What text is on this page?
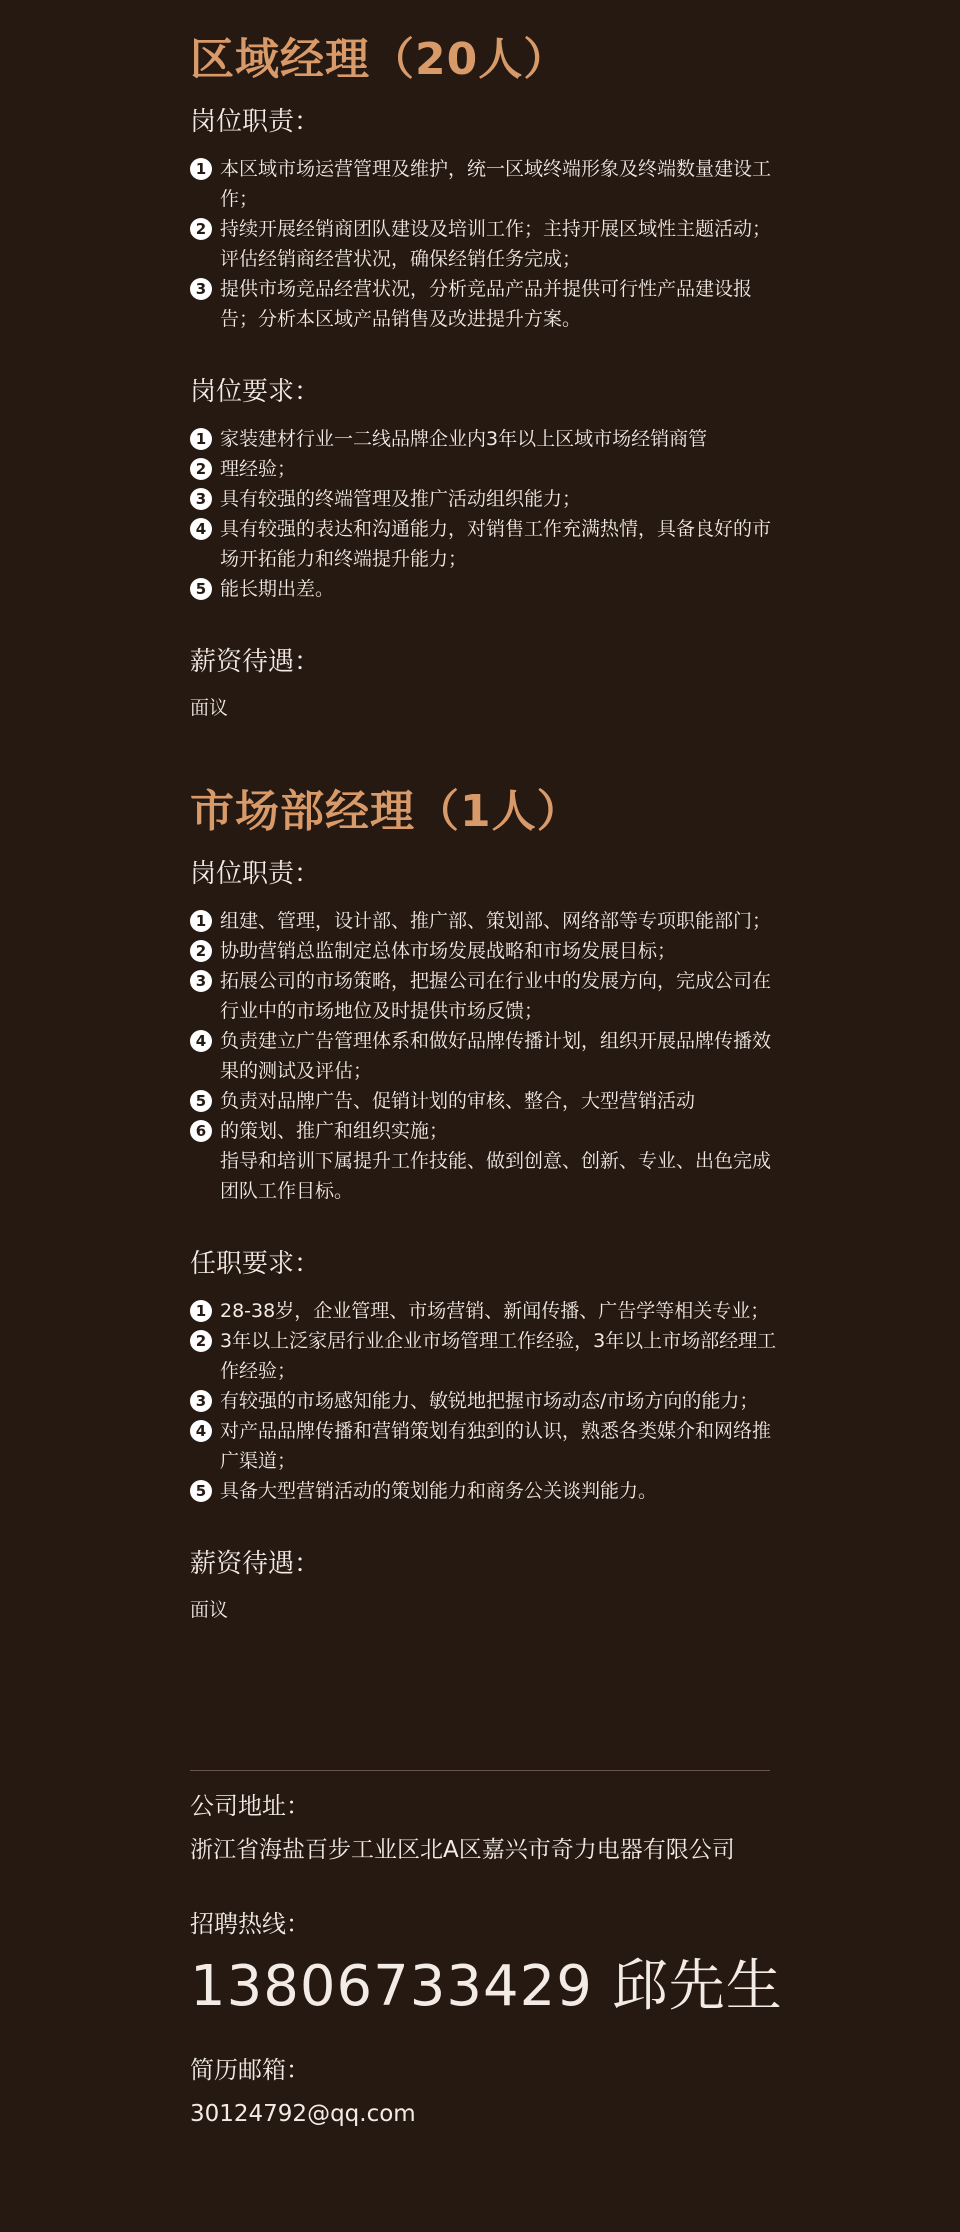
区域经理（20人）
岗位职责：
1 本区域市场运营管理及维护，统一区域终端形象及终端数量建设工作；
2 持续开展经销商团队建设及培训工作；主持开展区域性主题活动；评估经销商经营状况，确保经销任务完成；
3 提供市场竞品经营状况，分析竞品产品并提供可行性产品建设报告；分析本区域产品销售及改进提升方案。
岗位要求：
1 家装建材行业一二线品牌企业内3年以上区域市场经销商管
2 理经验；
3 具有较强的终端管理及推广活动组织能力；
4 具有较强的表达和沟通能力，对销售工作充满热情，具备良好的市场开拓能力和终端提升能力；
5 能长期出差。
薪资待遇：
面议
市场部经理（1人）
岗位职责：
1 组建、管理，设计部、推广部、策划部、网络部等专项职能部门；
2 协助营销总监制定总体市场发展战略和市场发展目标；
3 拓展公司的市场策略，把握公司在行业中的发展方向，完成公司在行业中的市场地位及时提供市场反馈；
4 负责建立广告管理体系和做好品牌传播计划，组织开展品牌传播效果的测试及评估；
5 负责对品牌广告、促销计划的审核、整合，大型营销活动
6 的策划、推广和组织实施；
指导和培训下属提升工作技能、做到创意、创新、专业、出色完成团队工作目标。
任职要求：
1 28-38岁，企业管理、市场营销、新闻传播、广告学等相关专业；
2 3年以上泛家居行业企业市场管理工作经验，3年以上市场部经理工作经验；
3 有较强的市场感知能力、敏锐地把握市场动态/市场方向的能力；
4 对产品品牌传播和营销策划有独到的认识，熟悉各类媒介和网络推广渠道；
5 具备大型营销活动的策划能力和商务公关谈判能力。
薪资待遇：
面议
公司地址：
浙江省海盐百步工业区北A区嘉兴市奇力电器有限公司
招聘热线：
13806733429 邱先生
简历邮箱：
30124792@qq.com
